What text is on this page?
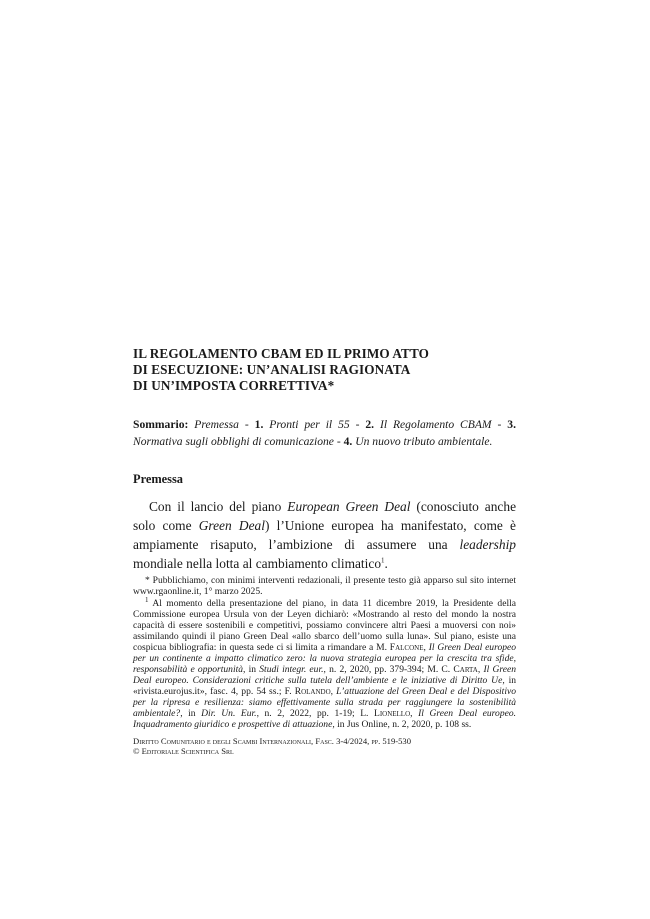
IL REGOLAMENTO CBAM ED IL PRIMO ATTO
DI ESECUZIONE: UN’ANALISI RAGIONATA
DI UN’IMPOSTA CORRETTIVA*
Sommario: Premessa - 1. Pronti per il 55 - 2. Il Regolamento CBAM - 3. Normativa sugli obblighi di comunicazione - 4. Un nuovo tributo ambientale.
Premessa
Con il lancio del piano European Green Deal (conosciuto anche solo come Green Deal) l’Unione europea ha manifestato, come è ampiamente risaputo, l’ambizione di assumere una leadership mondiale nella lotta al cambiamento climatico$^1$.
* Pubblichiamo, con minimi interventi redazionali, il presente testo già apparso sul sito internet www.rgaonline.it, 1° marzo 2025.
$^1$ Al momento della presentazione del piano, in data 11 dicembre 2019, la Presidente della Commissione europea Ursula von der Leyen dichiarò: «Mostrando al resto del mondo la nostra capacità di essere sostenibili e competitivi, possiamo convincere altri Paesi a muoversi con noi» assimilando quindi il piano Green Deal «allo sbarco dell’uomo sulla luna». Sul piano, esiste una cospicua bibliografia: in questa sede ci si limita a rimandare a M. Falcone, Il Green Deal europeo per un continente a impatto climatico zero: la nuova strategia europea per la crescita tra sfide, responsabilità e opportunità, in Studi integr. eur., n. 2, 2020, pp. 379-394; M. C. Carta, Il Green Deal europeo. Considerazioni critiche sulla tutela dell’ambiente e le iniziative di Diritto Ue, in «rivista.eurojus.it», fasc. 4, pp. 54 ss.; F. Rolando, L’attuazione del Green Deal e del Dispositivo per la ripresa e resilienza: siamo effettivamente sulla strada per raggiungere la sostenibilità ambientale?, in Dir. Un. Eur., n. 2, 2022, pp. 1-19; L. Lionello, Il Green Deal europeo. Inquadramento giuridico e prospettive di attuazione, in Jus Online, n. 2, 2020, p. 108 ss.
Diritto Comunitario e degli Scambi Internazionali, Fasc. 3-4/2024, pp. 519-530
© Editoriale Scientifica Srl
